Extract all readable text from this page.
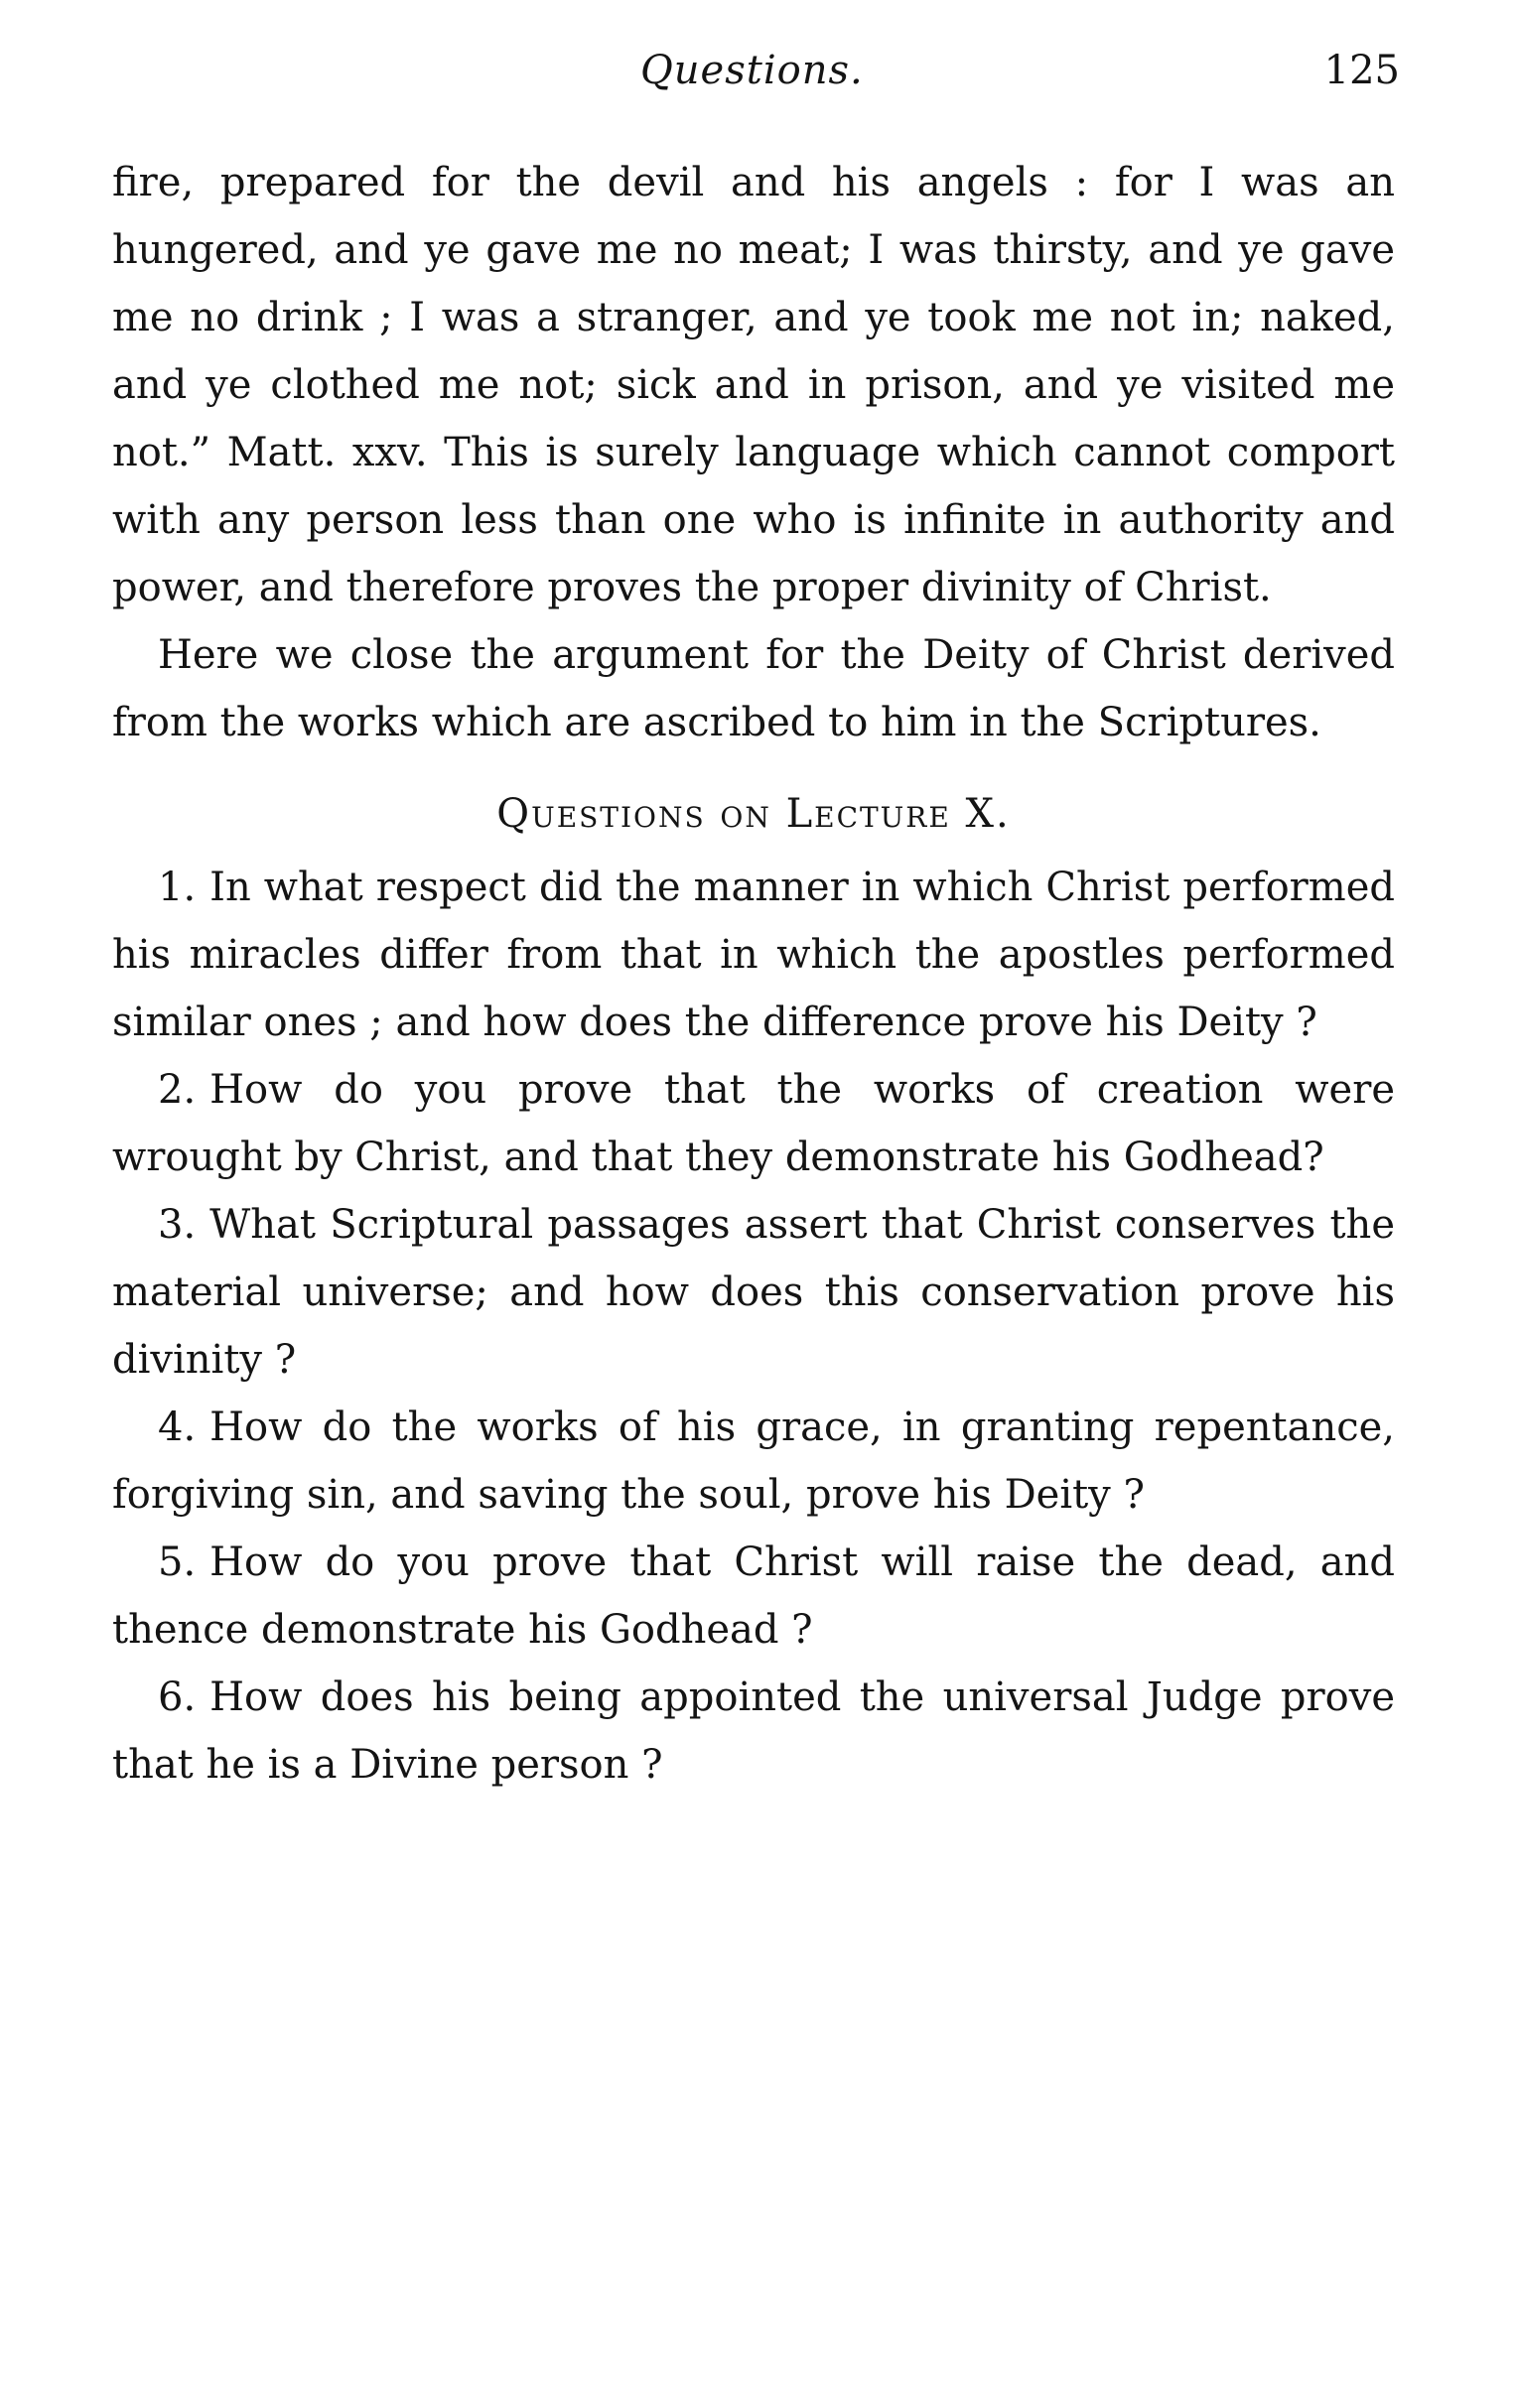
Questions.	125

fire, prepared for the devil and his angels : for I was an hungered, and ye gave me no meat; I was thirsty, and ye gave me no drink ; I was a stranger, and ye took me not in; naked, and ye clothed me not; sick and in prison, and ye visited me not.” Matt. xxv. This is surely language which cannot comport with any person less than one who is infinite in authority and power, and therefore proves the proper divinity of Christ.

Here we close the argument for the Deity of Christ derived from the works which are ascribed to him in the Scriptures.

Questions on Lecture X.
1. In what respect did the manner in which Christ performed his miracles differ from that in which the apostles performed similar ones ; and how does the difference prove his Deity ?
2. How do you prove that the works of creation were wrought by Christ, and that they demonstrate his Godhead?
3. What Scriptural passages assert that Christ conserves the material universe; and how does this conservation prove his divinity ?
4. How do the works of his grace, in granting repentance, forgiving sin, and saving the soul, prove his Deity ?
5. How do you prove that Christ will raise the dead, and thence demonstrate his Godhead ?
6. How does his being appointed the universal Judge prove that he is a Divine person ?
